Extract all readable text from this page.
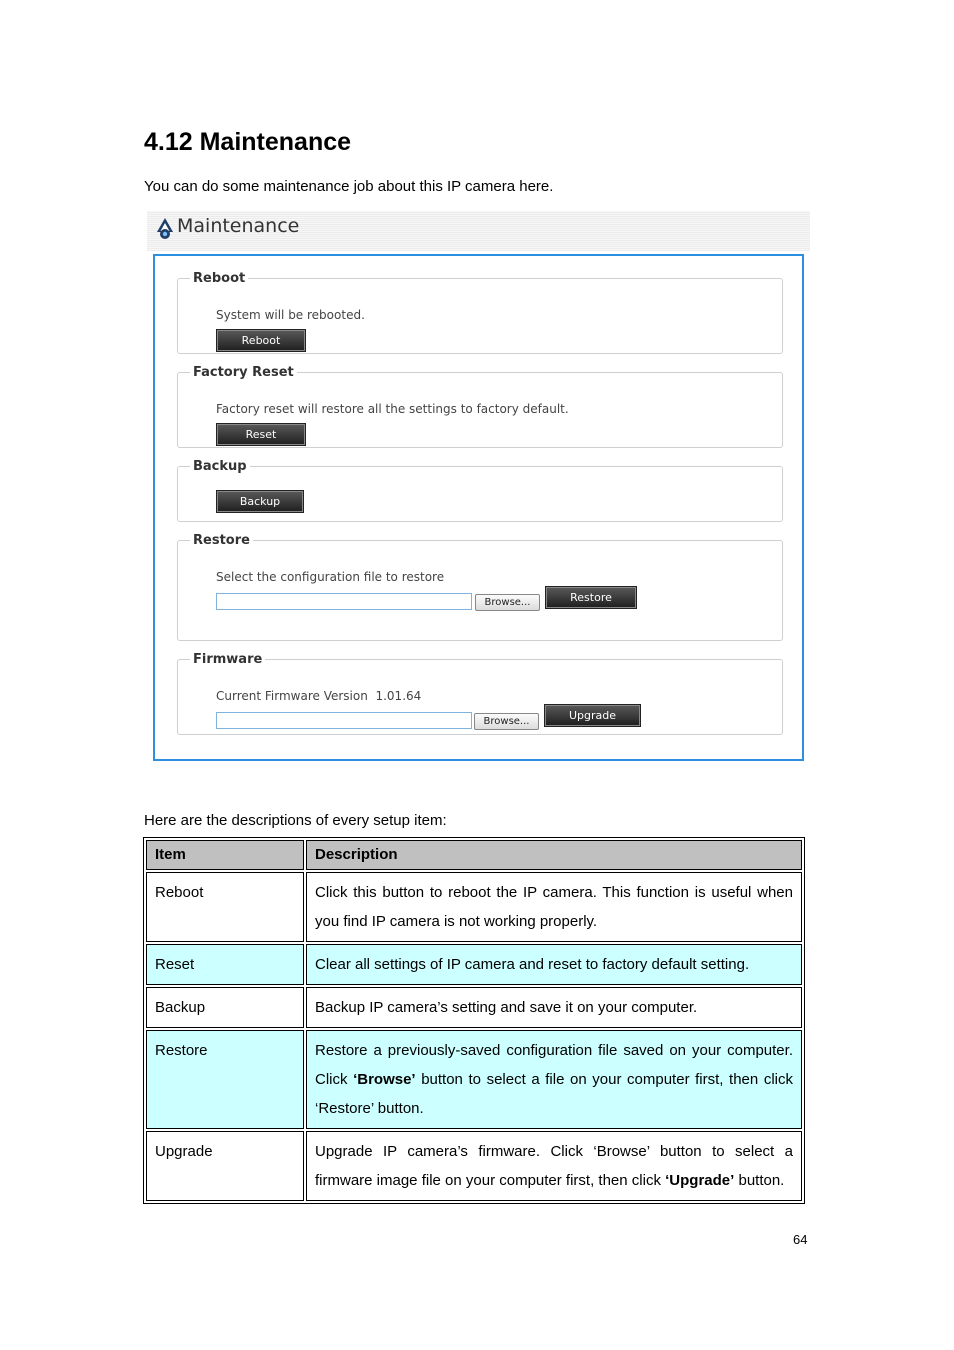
4.12 Maintenance

You can do some maintenance job about this IP camera here.

Maintenance
Reboot
System will be rebooted.
Reboot
Factory Reset
Factory reset will restore all the settings to factory default.
Reset
Backup
Backup
Restore
Select the configuration file to restore
Browse...	Restore
Firmware
Current Firmware Version 1.01.64
Browse...	Upgrade

Here are the descriptions of every setup item:

Item	Description
Reboot	Click this button to reboot the IP camera. This function is useful when you find IP camera is not working properly.
Reset	Clear all settings of IP camera and reset to factory default setting.
Backup	Backup IP camera’s setting and save it on your computer.
Restore	Restore a previously-saved configuration file saved on your computer. Click ‘Browse’ button to select a file on your computer first, then click ‘Restore’ button.
Upgrade	Upgrade IP camera’s firmware. Click ‘Browse’ button to select a firmware image file on your computer first, then click ‘Upgrade’ button.
64
